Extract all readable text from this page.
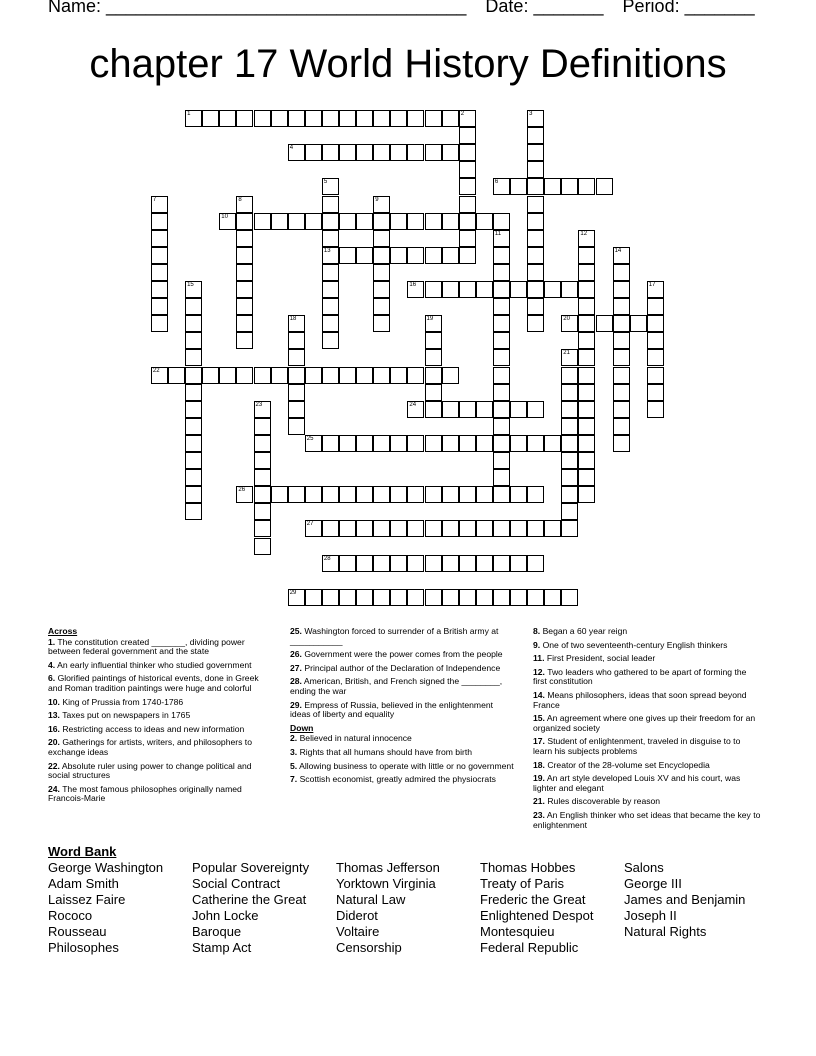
Name: ____________________________________ Date: _______ Period: _______
chapter 17 World History Definitions
1	2	3
4
5
13
6
7	8	9
10
11	12
14
15	16	17
18	19	20
21
22
23	24
25
26
27
28
29
Across
1. The constitution created _______, dividing power between federal government and the state
4. An early influential thinker who studied government
6. Glorified paintings of historical events, done in Greek and Roman tradition paintings were huge and colorful
10. King of Prussia from 1740-1786
13. Taxes put on newspapers in 1765
16. Restricting access to ideas and new information
20. Gatherings for artists, writers, and philosophers to exchange ideas
22. Absolute ruler using power to change political and social structures
24. The most famous philosophes originally named Francois-Marie
25. Washington forced to surrender of a British army at ___________
26. Government were the power comes from the people
27. Principal author of the Declaration of Independence
28. American, British, and French signed the ________, ending the war
29. Empress of Russia, believed in the enlightenment ideas of liberty and equality
Down
2. Believed in natural innocence
3. Rights that all humans should have from birth
5. Allowing business to operate with little or no government
7. Scottish economist, greatly admired the physiocrats
8. Began a 60 year reign
9. One of two seventeenth-century English thinkers
11. First President, social leader
12. Two leaders who gathered to be apart of forming the first constitution
14. Means philosophers, ideas that soon spread beyond France
15. An agreement where one gives up their freedom for an organized society
17. Student of enlightenment, traveled in disguise to to learn his subjects problems
18. Creator of the 28-volume set Encyclopedia
19. An art style developed Louis XV and his court, was lighter and elegant
21. Rules discoverable by reason
23. An English thinker who set ideas that became the key to enlightenment
Word Bank
George Washington
Adam Smith
Laissez Faire
Rococo
Rousseau
Philosophes
Popular Sovereignty
Social Contract
Catherine the Great
John Locke
Baroque
Stamp Act
Thomas Jefferson
Yorktown Virginia
Natural Law
Diderot
Voltaire
Censorship
Thomas Hobbes
Treaty of Paris
Frederic the Great
Enlightened Despot
Montesquieu
Federal Republic
Salons
George III
James and Benjamin
Joseph II
Natural Rights
